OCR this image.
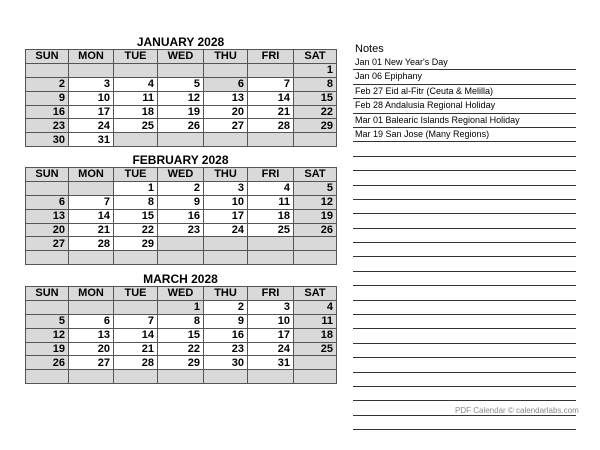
JANUARY 2028
SUN	MON	TUE	WED	THU	FRI	SAT
						1
2	3	4	5	6	7	8
9	10	11	12	13	14	15
16	17	18	19	20	21	22
23	24	25	26	27	28	29
30	31					
FEBRUARY 2028
SUN	MON	TUE	WED	THU	FRI	SAT
		1	2	3	4	5
6	7	8	9	10	11	12
13	14	15	16	17	18	19
20	21	22	23	24	25	26
27	28	29				

MARCH 2028
SUN	MON	TUE	WED	THU	FRI	SAT
			1	2	3	4
5	6	7	8	9	10	11
12	13	14	15	16	17	18
19	20	21	22	23	24	25
26	27	28	29	30	31	

Notes
Jan 01 New Year's Day
Jan 06 Epiphany
Feb 27 Eid al-Fitr (Ceuta & Melilla)
Feb 28 Andalusia Regional Holiday
Mar 01 Balearic Islands Regional Holiday
Mar 19 San Jose (Many Regions)
PDF Calendar © calendarlabs.com
